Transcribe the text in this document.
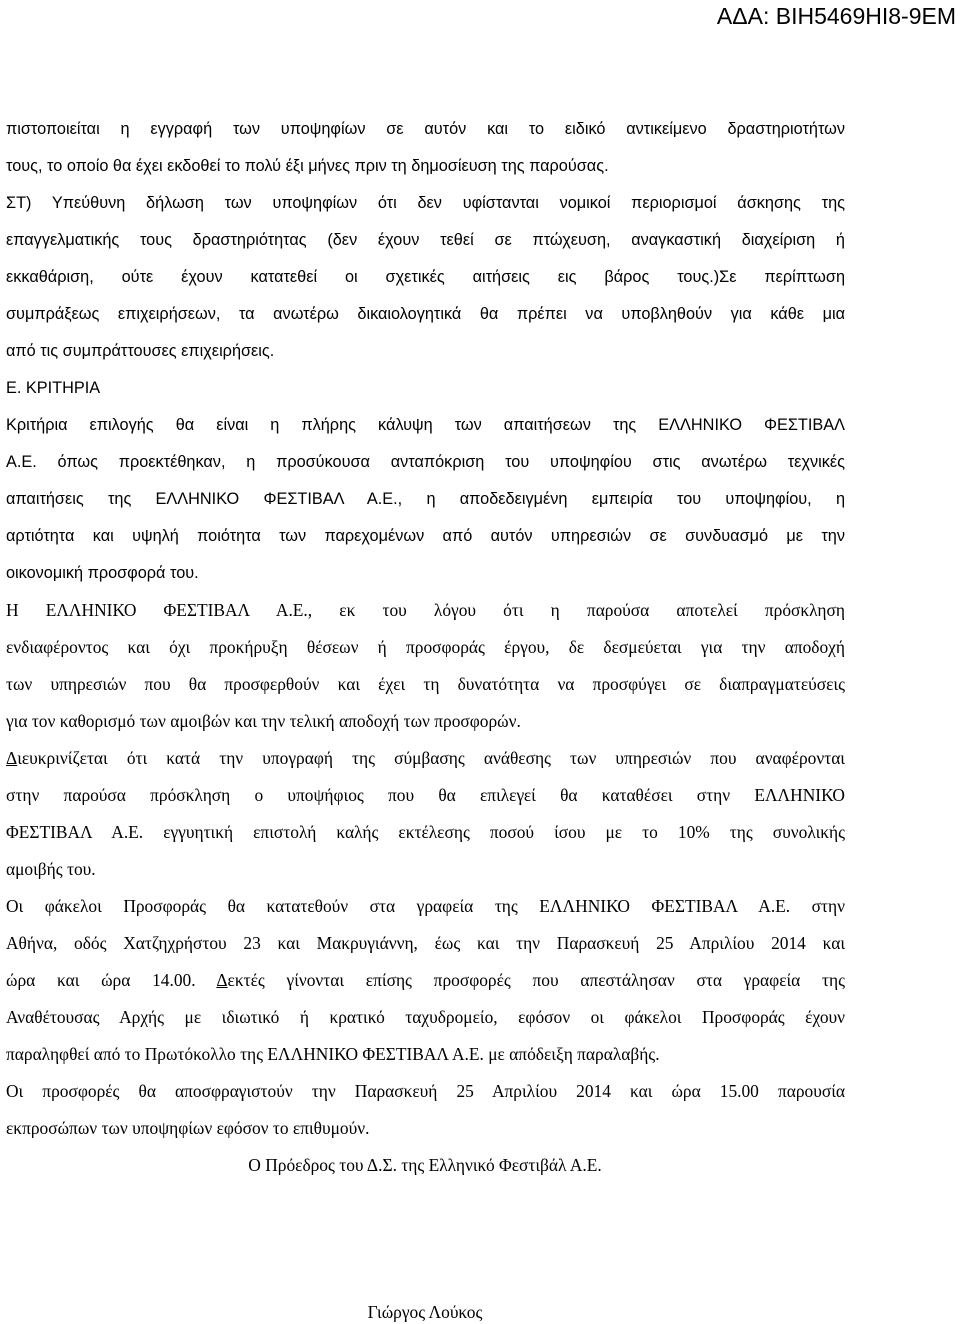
ΑΔΑ: ΒΙΗ5469ΗΙ8-9ΕΜ
πιστοποιείται η εγγραφή των υποψηφίων σε αυτόν και το ειδικό αντικείμενο δραστηριοτήτων
τους, το οποίο θα έχει εκδοθεί το πολύ έξι μήνες πριν τη δημοσίευση της παρούσας.
ΣΤ) Υπεύθυνη δήλωση των υποψηφίων ότι δεν υφίστανται νομικοί περιορισμοί άσκησης της
επαγγελματικής τους δραστηριότητας (δεν έχουν τεθεί σε πτώχευση, αναγκαστική διαχείριση ή
εκκαθάριση, ούτε έχουν κατατεθεί οι σχετικές αιτήσεις εις βάρος τους.)Σε περίπτωση
συμπράξεως επιχειρήσεων, τα ανωτέρω δικαιολογητικά θα πρέπει να υποβληθούν για κάθε μια
από τις συμπράττουσες επιχειρήσεις.
Ε. ΚΡΙΤΗΡΙΑ
Κριτήρια επιλογής θα είναι η πλήρης κάλυψη των απαιτήσεων της ΕΛΛΗΝΙΚΟ ΦΕΣΤΙΒΑΛ
Α.Ε. όπως προεκτέθηκαν, η προσύκουσα ανταπόκριση του υποψηφίου στις ανωτέρω τεχνικές
απαιτήσεις της ΕΛΛΗΝΙΚΟ ΦΕΣΤΙΒΑΛ Α.Ε., η αποδεδειγμένη εμπειρία του υποψηφίου, η
αρτιότητα και υψηλή ποιότητα των παρεχομένων από αυτόν υπηρεσιών σε συνδυασμό με την
οικονομική προσφορά του.
Η ΕΛΛΗΝΙΚΟ ΦΕΣΤΙΒΑΛ Α.Ε., εκ του λόγου ότι η παρούσα αποτελεί πρόσκληση
ενδιαφέροντος και όχι προκήρυξη θέσεων ή προσφοράς έργου, δε δεσμεύεται για την αποδοχή
των υπηρεσιών που θα προσφερθούν και έχει τη δυνατότητα να προσφύγει σε διαπραγματεύσεις
για τον καθορισμό των αμοιβών και την τελική αποδοχή των προσφορών.
Διευκρινίζεται ότι κατά την υπογραφή της σύμβασης ανάθεσης των υπηρεσιών που αναφέρονται
στην παρούσα πρόσκληση ο υποψήφιος που θα επιλεγεί θα καταθέσει στην ΕΛΛΗΝΙΚΟ
ΦΕΣΤΙΒΑΛ Α.Ε. εγγυητική επιστολή καλής εκτέλεσης ποσού ίσου με το 10% της συνολικής
αμοιβής του.
Οι φάκελοι Προσφοράς θα κατατεθούν στα γραφεία της ΕΛΛΗΝΙΚΟ ΦΕΣΤΙΒΑΛ Α.Ε. στην
Αθήνα, οδός Χατζηχρήστου 23 και Μακρυγιάννη, έως και την Παρασκευή 25 Απριλίου 2014 και
ώρα και ώρα 14.00. Δεκτές γίνονται επίσης προσφορές που απεστάλησαν στα γραφεία της
Αναθέτουσας Αρχής με ιδιωτικό ή κρατικό ταχυδρομείο, εφόσον οι φάκελοι Προσφοράς έχουν
παραληφθεί από το Πρωτόκολλο της ΕΛΛΗΝΙΚΟ ΦΕΣΤΙΒΑΛ Α.Ε. με απόδειξη παραλαβής.
Οι προσφορές θα αποσφραγιστούν την Παρασκευή 25 Απριλίου 2014 και ώρα 15.00 παρουσία
εκπροσώπων των υποψηφίων εφόσον το επιθυμούν.
Ο Πρόεδρος του Δ.Σ. της Ελληνικό Φεστιβάλ Α.Ε.
Γιώργος Λούκος
